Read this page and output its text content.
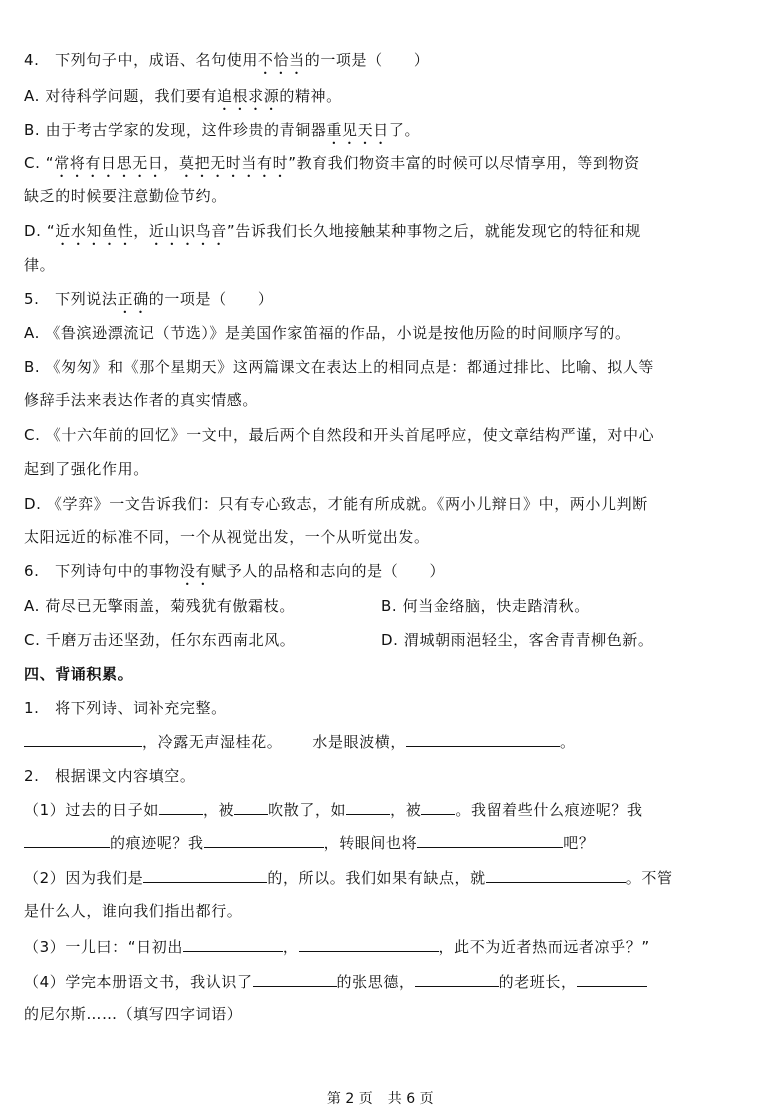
4.　下列句子中，成语、名句使用不恰当的一项是（　　）
A. 对待科学问题，我们要有追根求源的精神。
B. 由于考古学家的发现，这件珍贵的青铜器重见天日了。
C. “常将有日思无日，莫把无时当有时”教育我们物资丰富的时候可以尽情享用，等到物资
缺乏的时候要注意勤俭节约。
D. “近水知鱼性，近山识鸟音”告诉我们长久地接触某种事物之后，就能发现它的特征和规
律。
5.　下列说法正确的一项是（　　）
A. 《鲁滨逊漂流记（节选）》是美国作家笛福的作品，小说是按他历险的时间顺序写的。
B. 《匆匆》和《那个星期天》这两篇课文在表达上的相同点是：都通过排比、比喻、拟人等
修辞手法来表达作者的真实情感。
C. 《十六年前的回忆》一文中，最后两个自然段和开头首尾呼应，使文章结构严谨，对中心
起到了强化作用。
D. 《学弈》一文告诉我们：只有专心致志，才能有所成就。《两小儿辩日》中，两小儿判断
太阳远近的标准不同，一个从视觉出发，一个从听觉出发。
6.　下列诗句中的事物没有赋予人的品格和志向的是（　　）
A. 荷尽已无擎雨盖，菊残犹有傲霜枝。	B. 何当金络脑，快走踏清秋。
C. 千磨万击还坚劲，任尔东西南北风。	D. 渭城朝雨浥轻尘，客舍青青柳色新。
四、背诵积累。
1.　将下列诗、词补充完整。
，冷露无声湿桂花。 水是眼波横，	。
2.　根据课文内容填空。
（1）过去的日子如	，被 吹散了，如	，被 。我留着些什么痕迹呢？我
的痕迹呢？我	，转眼间也将	吧？
（2）因为我们是	的，所以。我们如果有缺点，就	。不管
是什么人，谁向我们指出都行。
（3）一儿曰：“日初出	，	，此不为近者热而远者凉乎？”
（4）学完本册语文书，我认识了	的张思德，	的老班长，
的尼尔斯……（填写四字词语）
第 2 页　共 6 页
